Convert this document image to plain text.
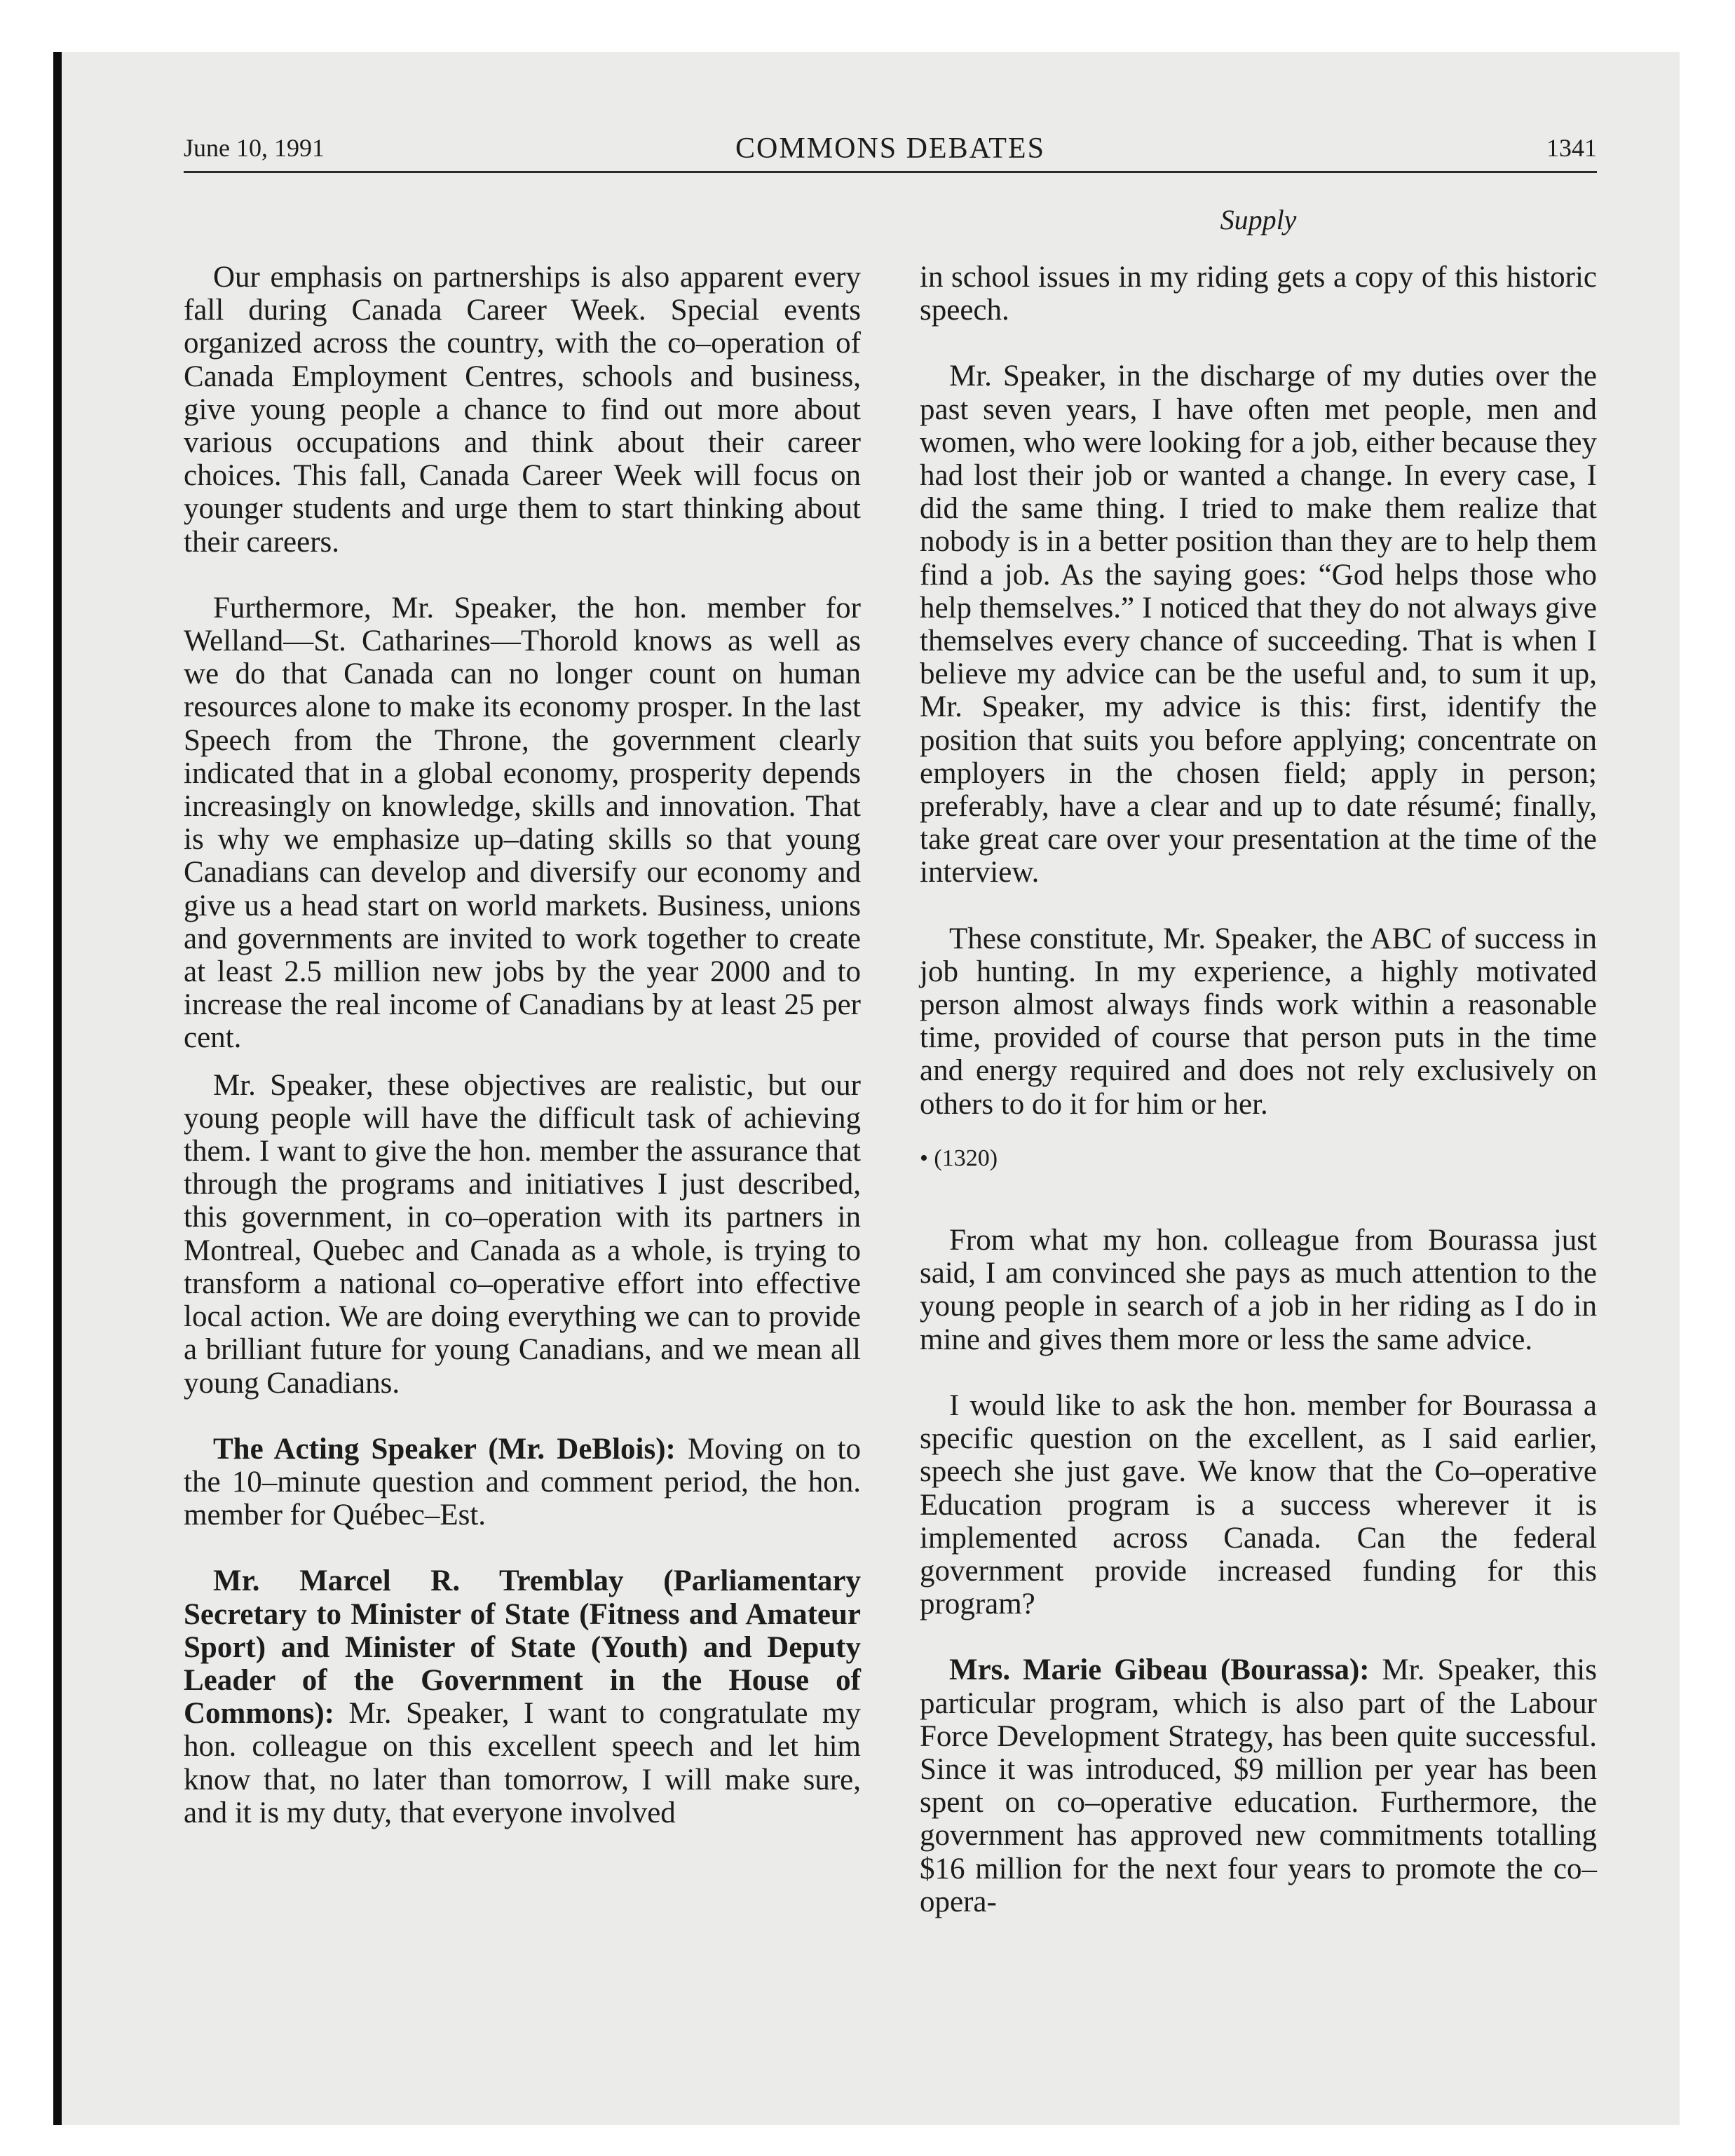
June 10, 1991	COMMONS DEBATES	1341
Supply

Our emphasis on partnerships is also apparent every fall during Canada Career Week. Special events organized across the country, with the co–operation of Canada Employment Centres, schools and business, give young people a chance to find out more about various occupations and think about their career choices. This fall, Canada Career Week will focus on younger students and urge them to start thinking about their careers.

Furthermore, Mr. Speaker, the hon. member for Welland—St. Catharines—Thorold knows as well as we do that Canada can no longer count on human resources alone to make its economy prosper. In the last Speech from the Throne, the government clearly indicated that in a global economy, prosperity depends increasingly on knowledge, skills and innovation. That is why we emphasize up–dating skills so that young Canadians can develop and diversify our economy and give us a head start on world markets. Business, unions and governments are invited to work together to create at least 2.5 million new jobs by the year 2000 and to increase the real income of Canadians by at least 25 per cent.

Mr. Speaker, these objectives are realistic, but our young people will have the difficult task of achieving them. I want to give the hon. member the assurance that through the programs and initiatives I just described, this government, in co–operation with its partners in Montreal, Quebec and Canada as a whole, is trying to transform a national co–operative effort into effective local action. We are doing everything we can to provide a brilliant future for young Canadians, and we mean all young Canadians.

The Acting Speaker (Mr. DeBlois): Moving on to the 10–minute question and comment period, the hon. member for Québec–Est.

Mr. Marcel R. Tremblay (Parliamentary Secretary to Minister of State (Fitness and Amateur Sport) and Minister of State (Youth) and Deputy Leader of the Government in the House of Commons): Mr. Speaker, I want to congratulate my hon. colleague on this excellent speech and let him know that, no later than tomorrow, I will make sure, and it is my duty, that everyone involved

in school issues in my riding gets a copy of this historic speech.

Mr. Speaker, in the discharge of my duties over the past seven years, I have often met people, men and women, who were looking for a job, either because they had lost their job or wanted a change. In every case, I did the same thing. I tried to make them realize that nobody is in a better position than they are to help them find a job. As the saying goes: “God helps those who help themselves.” I noticed that they do not always give themselves every chance of succeeding. That is when I believe my advice can be the useful and, to sum it up, Mr. Speaker, my advice is this: first, identify the position that suits you before applying; concentrate on employers in the chosen field; apply in person; preferably, have a clear and up to date résumé; finally, take great care over your presentation at the time of the interview.

These constitute, Mr. Speaker, the ABC of success in job hunting. In my experience, a highly motivated person almost always finds work within a reasonable time, provided of course that person puts in the time and energy required and does not rely exclusively on others to do it for him or her.

• (1320)

From what my hon. colleague from Bourassa just said, I am convinced she pays as much attention to the young people in search of a job in her riding as I do in mine and gives them more or less the same advice.

I would like to ask the hon. member for Bourassa a specific question on the excellent, as I said earlier, speech she just gave. We know that the Co–operative Education program is a success wherever it is implemented across Canada. Can the federal government provide increased funding for this program?

Mrs. Marie Gibeau (Bourassa): Mr. Speaker, this particular program, which is also part of the Labour Force Development Strategy, has been quite successful. Since it was introduced, $9 million per year has been spent on co–operative education. Furthermore, the government has approved new commitments totalling $16 million for the next four years to promote the co–opera-
